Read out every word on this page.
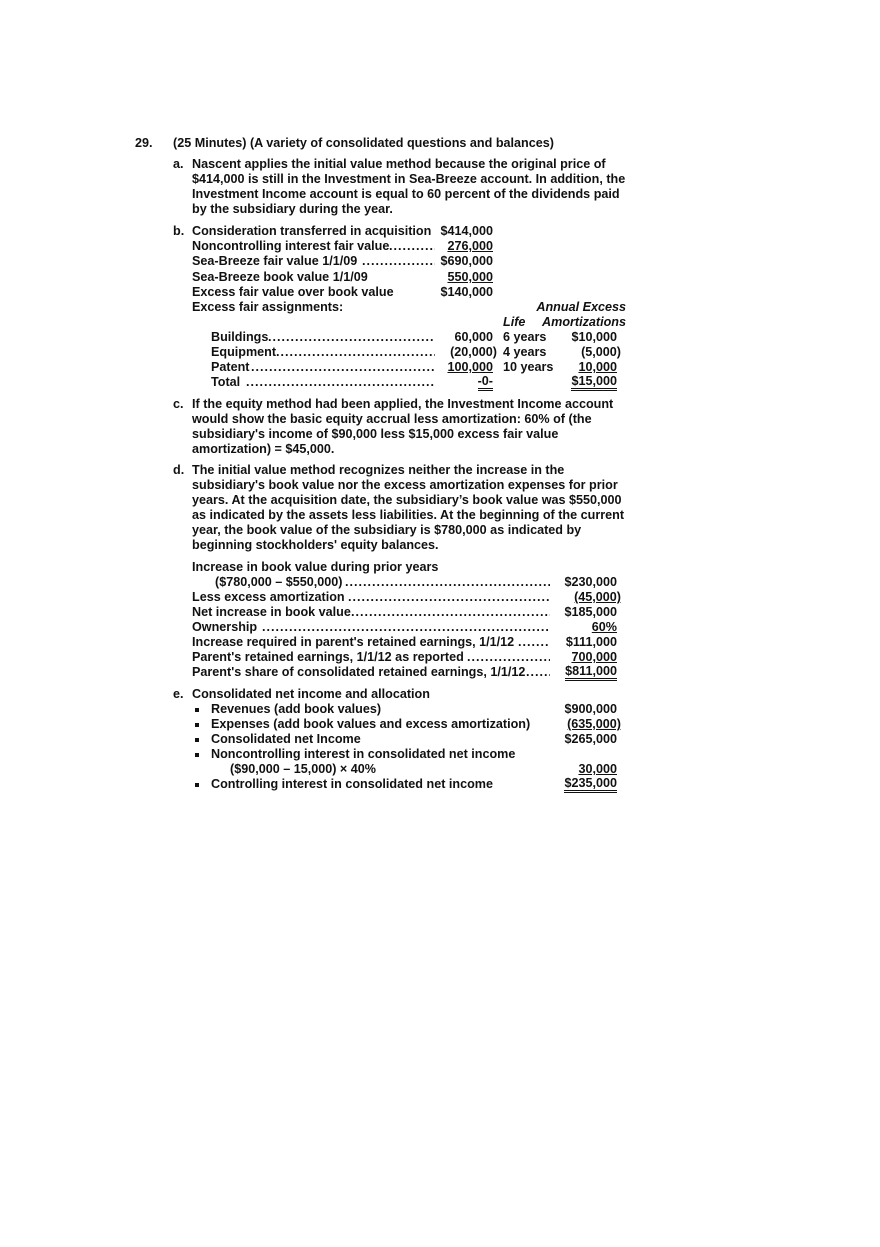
29. (25 Minutes) (A variety of consolidated questions and balances)
a. Nascent applies the initial value method because the original price of
$414,000 is still in the Investment in Sea-Breeze account. In addition, the
Investment Income account is equal to 60 percent of the dividends paid
by the subsidiary during the year.
b. Consideration transferred in acquisition $414,000
Noncontrolling interest fair value .....	276,000
Sea-Breeze fair value 1/1/09 .....	$690,000
Sea-Breeze book value 1/1/09	550,000
Excess fair value over book value	$140,000
Excess fair assignments:	Annual Excess
Life Amortizations
Buildings .....	60,000 6 years $10,000
Equipment .....	(20,000) 4 years	(5,000)
Patent .....	100,000 10 years 10,000
Total .....	-0-	$15,000
c. If the equity method had been applied, the Investment Income account
would show the basic equity accrual less amortization: 60% of (the
subsidiary's income of $90,000 less $15,000 excess fair value
amortization) = $45,000.
d. The initial value method recognizes neither the increase in the
subsidiary's book value nor the excess amortization expenses for prior
years. At the acquisition date, the subsidiary’s book value was $550,000
as indicated by the assets less liabilities. At the beginning of the current
year, the book value of the subsidiary is $780,000 as indicated by
beginning stockholders' equity balances.
Increase in book value during prior years
($780,000 – $550,000) .....	$230,000
Less excess amortization .....	(45,000)
Net increase in book value .....	$185,000
Ownership .....	60%
Increase required in parent's retained earnings, 1/1/12 .....	$111,000
Parent's retained earnings, 1/1/12 as reported .....	700,000
Parent's share of consolidated retained earnings, 1/1/12 .....	$811,000
e. Consolidated net income and allocation
Revenues (add book values)	$900,000
Expenses (add book values and excess amortization)	(635,000)
Consolidated net Income	$265,000
Noncontrolling interest in consolidated net income
($90,000 – 15,000) × 40%	30,000
Controlling interest in consolidated net income	$235,000
